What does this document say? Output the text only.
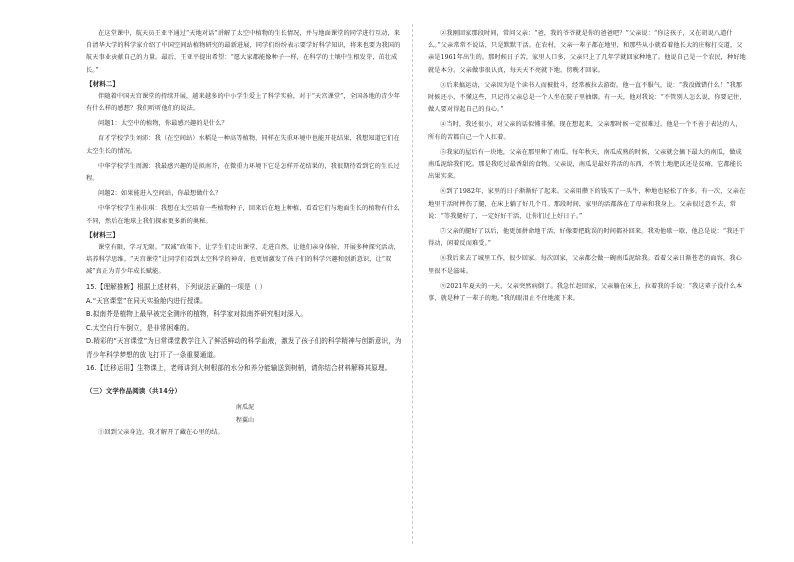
在这堂课中，航天员王亚平通过“天地对话”讲解了太空中植物的生长情况，并与地面课堂的同学进行互动，来自清华大学的科学家介绍了中国空间站植物研究的最新进展，同学们纷纷表示要学好科学知识，将来也要为我国的航天事业贡献自己的力量。最后，王亚平提出希望：“愿大家都能像种子一样，在科学的土壤中生根发芽，茁壮成长。”

【材料二】

伴随着中国天宫课堂的持续开展，越来越多的中小学生爱上了科学实验，对于“天宫课堂”，全国各地的青少年有什么样的感想？我们听听他们的说法。

问题1：太空中的植物，你最感兴趣的是什么？

育才学校学生刘沛：我（在空间站）水稻是一种高等植物，同样在失重环境中也能开花结果，我想知道它们在太空生长的情况。

中华学校学生周源：我最感兴趣的是拟南芥，在微重力环境下它是怎样开花结果的，我很期待看到它的生长过程。

问题2：如果能进入空间站，你最想做什么？

中华学校学生孙佳琪：我想在太空培育一些植物种子，回来后在地上种植，看看它们与地面生长的植物有什么不同，然后在地球上我们探索更多新的奥秘。

【材料三】

课堂有限，学习无限。“双减”政策下，让学生们走出课堂、走进自然，让他们亲身体验，开展多种探究活动，培养科学思维。“天宫课堂”让同学们看到太空科学的神奇，也更加激发了孩子们的科学兴趣和创新意识，让“双减”真正为青少年成长赋能。

15.【理解推断】根据上述材料，下列说法正确的一项是（ ）

A.“天宫课堂”在同天实验舱内进行授课。

B.拟南芥是植物上最早被完全测序的植物，科学家对拟南芥研究相对深入。

C.太空自行车倒立，是非常困难的。

D.精彩的“天宫课堂”为日常课堂教学注入了鲜活鲜动的科学血液，激发了孩子们的科学精神与创新意识，为青少年科学梦想的放飞打开了一条重要通道。

16.【迁移运用】生物课上，老师讲到大树根部的水分和养分能输送到树梢，请你结合材料解释其原理。

（三）文学作品阅读（共14分）

南瓜泥

程翼山

①回到父亲身边，我才解开了藏在心里的结。

②我刚回家那段时间，常问父亲：“爸，我的爷爷就是你的爸爸吧？”父亲说：“你这孩子，又在胡说八道什么。”父亲常常不说话，只是默默干活。在农村，父亲一辈子都在地里，和那些从小就看着他长大的庄稼打交道，父亲是1961年出生的。那时候日子苦，家里人口多，父亲只上了几年学就回家种地了。他说自己是一个农民，种好地就是本分。父亲做事很认真，每天天不亮就下地，傍晚才回家。

③后来搞运动，父亲因为是个读书人而被批斗，经常被拉去游街。他一直不服气，说：“我没做错什么！”我那时候还小，不懂这些，只记得父亲总是一个人坐在院子里抽烟。有一天，他对我说：“不管别人怎么说，你要记住，做人要对得起自己的良心。”

④当时，我还很小，对父亲的话似懂非懂。现在想起来，父亲那时候一定很难过。他是一个不善于表达的人，所有的苦都自己一个人扛着。

⑤我家的屋后有一块地，父亲在那里种了南瓜。每年秋天，南瓜成熟的时候，父亲就会摘下最大的南瓜，做成南瓜泥给我们吃。那是我吃过最香甜的食物。父亲说，南瓜是最好养活的东西，不管土地肥沃还是贫瘠，它都能长出果实来。

⑥到了1982年，家里的日子渐渐好了起来。父亲用攒下的钱买了一头牛，种地也轻松了许多。有一次，父亲在地里干活时摔伤了腿，在床上躺了好几个月。那段时间，家里的活都落在了母亲和我身上。父亲很过意不去，常说：“等我腿好了，一定好好干活，让你们过上好日子。”

⑦父亲的腿好了以后，他更加拼命地干活，好像要把耽误的时间都补回来。我劝他歇一歇，他总是说：“我还干得动，闲着反而难受。”

⑧我后来去了城里工作，很少回家。每次回家，父亲都会做一碗南瓜泥给我。看着父亲日渐苍老的面容，我心里很不是滋味。

⑨2021年夏天的一天，父亲突然病倒了。我急忙赶回家，父亲躺在床上，拉着我的手说：“我这辈子没什么本事，就是种了一辈子的地。”我的眼泪止不住地流下来。
